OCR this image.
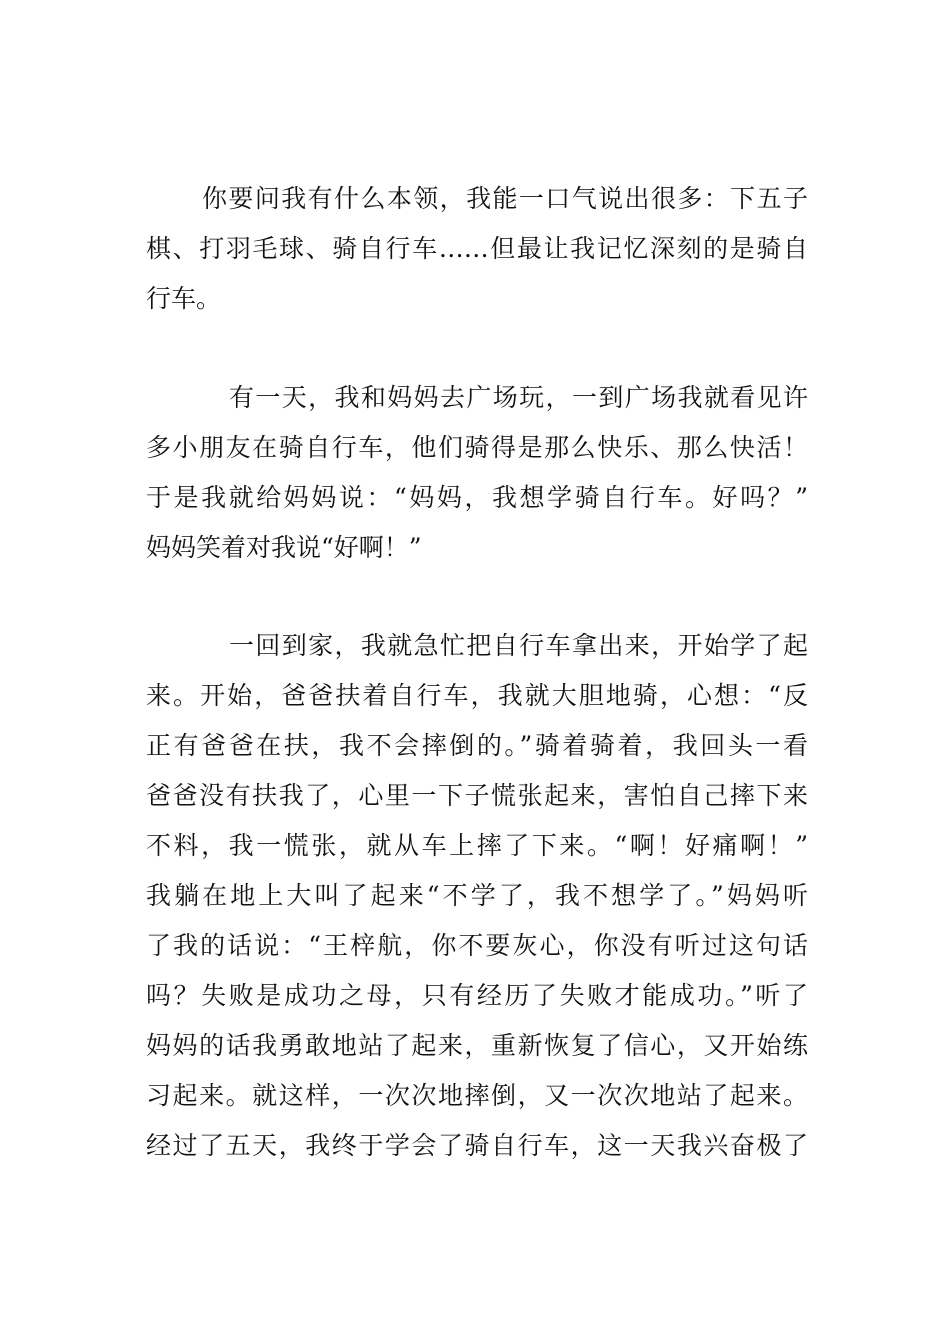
你要问我有什么本领，我能一口气说出很多：下五子
棋、打羽毛球、骑自行车……但最让我记忆深刻的是骑自
行车。
有一天，我和妈妈去广场玩，一到广场我就看见许
多小朋友在骑自行车，他们骑得是那么快乐、那么快活！
于是我就给妈妈说：“妈妈，我想学骑自行车。好吗？”
妈妈笑着对我说“好啊！”
一回到家，我就急忙把自行车拿出来，开始学了起
来。开始，爸爸扶着自行车，我就大胆地骑，心想：“反
正有爸爸在扶，我不会摔倒的。”骑着骑着，我回头一看
爸爸没有扶我了，心里一下子慌张起来，害怕自己摔下来
不料，我一慌张，就从车上摔了下来。“啊！好痛啊！”
我躺在地上大叫了起来“不学了，我不想学了。”妈妈听
了我的话说：“王梓航，你不要灰心，你没有听过这句话
吗？失败是成功之母，只有经历了失败才能成功。”听了
妈妈的话我勇敢地站了起来，重新恢复了信心，又开始练
习起来。就这样，一次次地摔倒，又一次次地站了起来。
经过了五天，我终于学会了骑自行车，这一天我兴奋极了
